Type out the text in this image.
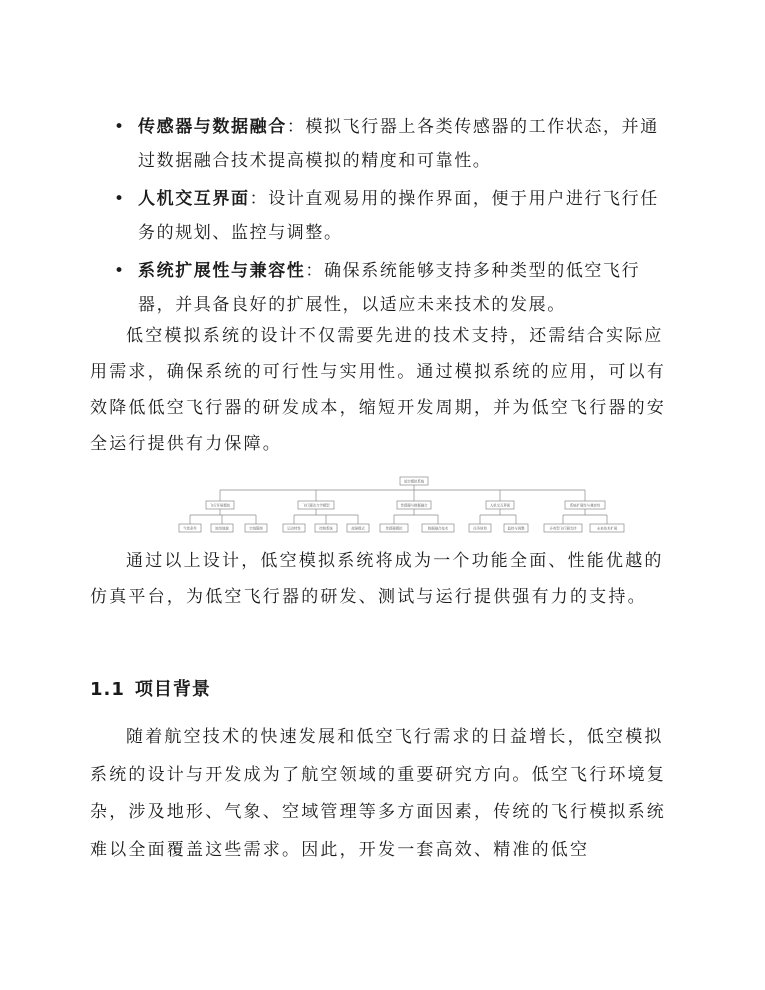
• 传感器与数据融合：模拟飞行器上各类传感器的工作状态，并通过数据融合技术提高模拟的精度和可靠性。
• 人机交互界面：设计直观易用的操作界面，便于用户进行飞行任务的规划、监控与调整。
• 系统扩展性与兼容性：确保系统能够支持多种类型的低空飞行器，并具备良好的扩展性，以适应未来技术的发展。

低空模拟系统的设计不仅需要先进的技术支持，还需结合实际应用需求，确保系统的可行性与实用性。通过模拟系统的应用，可以有效降低低空飞行器的研发成本，缩短开发周期，并为低空飞行器的安全运行提供有力保障。

低空模拟系统
飞行环境模拟	飞行器动力学模型	传感器与数据融合	人机交互界面	系统扩展性与兼容性
气象条件	地形地貌	空域限制	运动特性	控制系统	故障模式	传感器模拟	数据融合技术	任务规划	监控与调整	多类型飞行器支持	未来技术扩展

通过以上设计，低空模拟系统将成为一个功能全面、性能优越的仿真平台，为低空飞行器的研发、测试与运行提供强有力的支持。

1.1 项目背景

随着航空技术的快速发展和低空飞行需求的日益增长，低空模拟系统的设计与开发成为了航空领域的重要研究方向。低空飞行环境复杂，涉及地形、气象、空域管理等多方面因素，传统的飞行模拟系统难以全面覆盖这些需求。因此，开发一套高效、精准的低空
